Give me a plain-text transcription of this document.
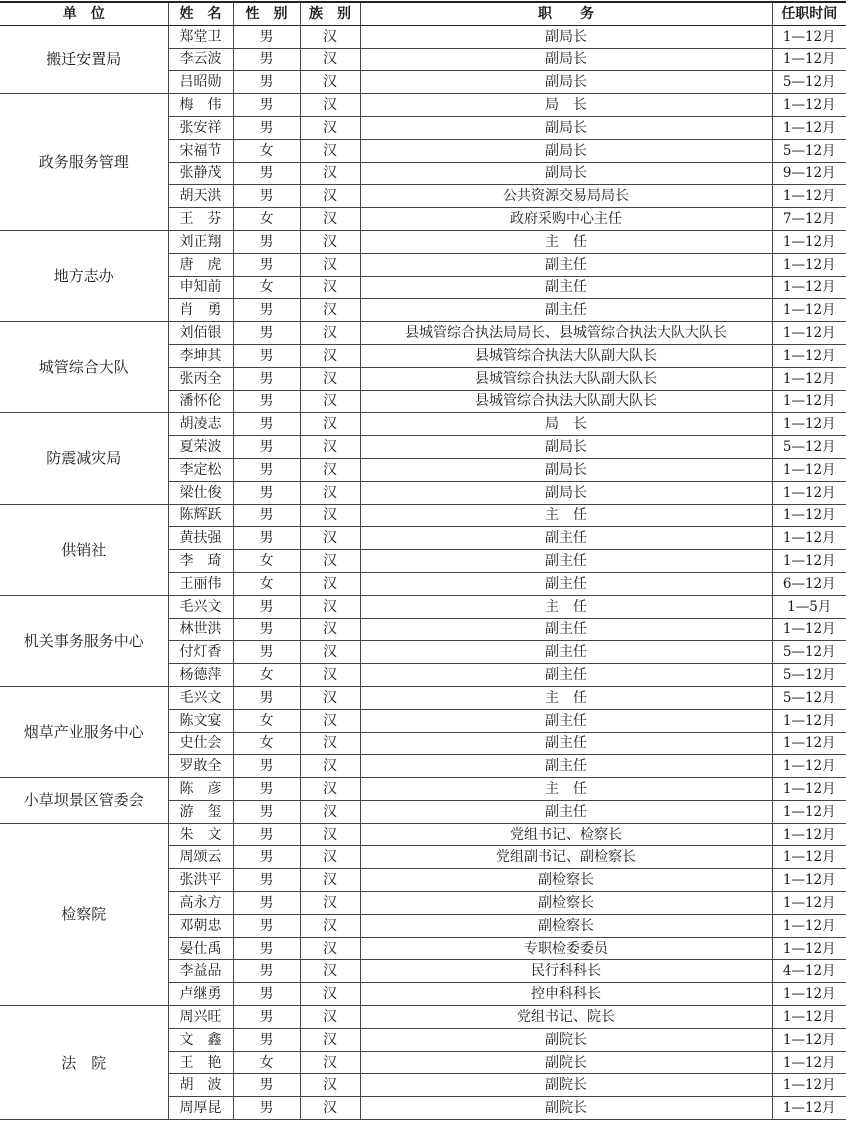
单　位	姓　名	性　别	族　别	职　　务	任职时间
搬迁安置局	郑堂卫	男	汉	副局长	1—12月
	李云波	男	汉	副局长	1—12月
	吕昭勋	男	汉	副局长	5—12月
政务服务管理	梅　伟	男	汉	局　长	1—12月
	张安祥	男	汉	副局长	1—12月
	宋福节	女	汉	副局长	5—12月
	张静茂	男	汉	副局长	9—12月
	胡天洪	男	汉	公共资源交易局局长	1—12月
	王　芬	女	汉	政府采购中心主任	7—12月
地方志办	刘正翔	男	汉	主　任	1—12月
	唐　虎	男	汉	副主任	1—12月
	申知前	女	汉	副主任	1—12月
	肖　勇	男	汉	副主任	1—12月
城管综合大队	刘佰银	男	汉	县城管综合执法局局长、县城管综合执法大队大队长	1—12月
	李坤其	男	汉	县城管综合执法大队副大队长	1—12月
	张丙全	男	汉	县城管综合执法大队副大队长	1—12月
	潘怀伦	男	汉	县城管综合执法大队副大队长	1—12月
防震减灾局	胡凌志	男	汉	局　长	1—12月
	夏荣波	男	汉	副局长	5—12月
	李定松	男	汉	副局长	1—12月
	梁仕俊	男	汉	副局长	1—12月
供销社	陈辉跃	男	汉	主　任	1—12月
	黄扶强	男	汉	副主任	1—12月
	李　琦	女	汉	副主任	1—12月
	王丽伟	女	汉	副主任	6—12月
机关事务服务中心	毛兴文	男	汉	主　任	1—5月
	林世洪	男	汉	副主任	1—12月
	付灯香	男	汉	副主任	5—12月
	杨德萍	女	汉	副主任	5—12月
烟草产业服务中心	毛兴文	男	汉	主　任	5—12月
	陈文宴	女	汉	副主任	1—12月
	史仕会	女	汉	副主任	1—12月
	罗敢全	男	汉	副主任	1—12月
小草坝景区管委会	陈　彦	男	汉	主　任	1—12月
	游　玺	男	汉	副主任	1—12月
检察院	朱　文	男	汉	党组书记、检察长	1—12月
	周颂云	男	汉	党组副书记、副检察长	1—12月
	张洪平	男	汉	副检察长	1—12月
	高永方	男	汉	副检察长	1—12月
	邓朝忠	男	汉	副检察长	1—12月
	晏仕禹	男	汉	专职检委委员	1—12月
	李益品	男	汉	民行科科长	4—12月
	卢继勇	男	汉	控申科科长	1—12月
法　院	周兴旺	男	汉	党组书记、院长	1—12月
	文　鑫	男	汉	副院长	1—12月
	王　艳	女	汉	副院长	1—12月
	胡　波	男	汉	副院长	1—12月
	周厚昆	男	汉	副院长	1—12月
